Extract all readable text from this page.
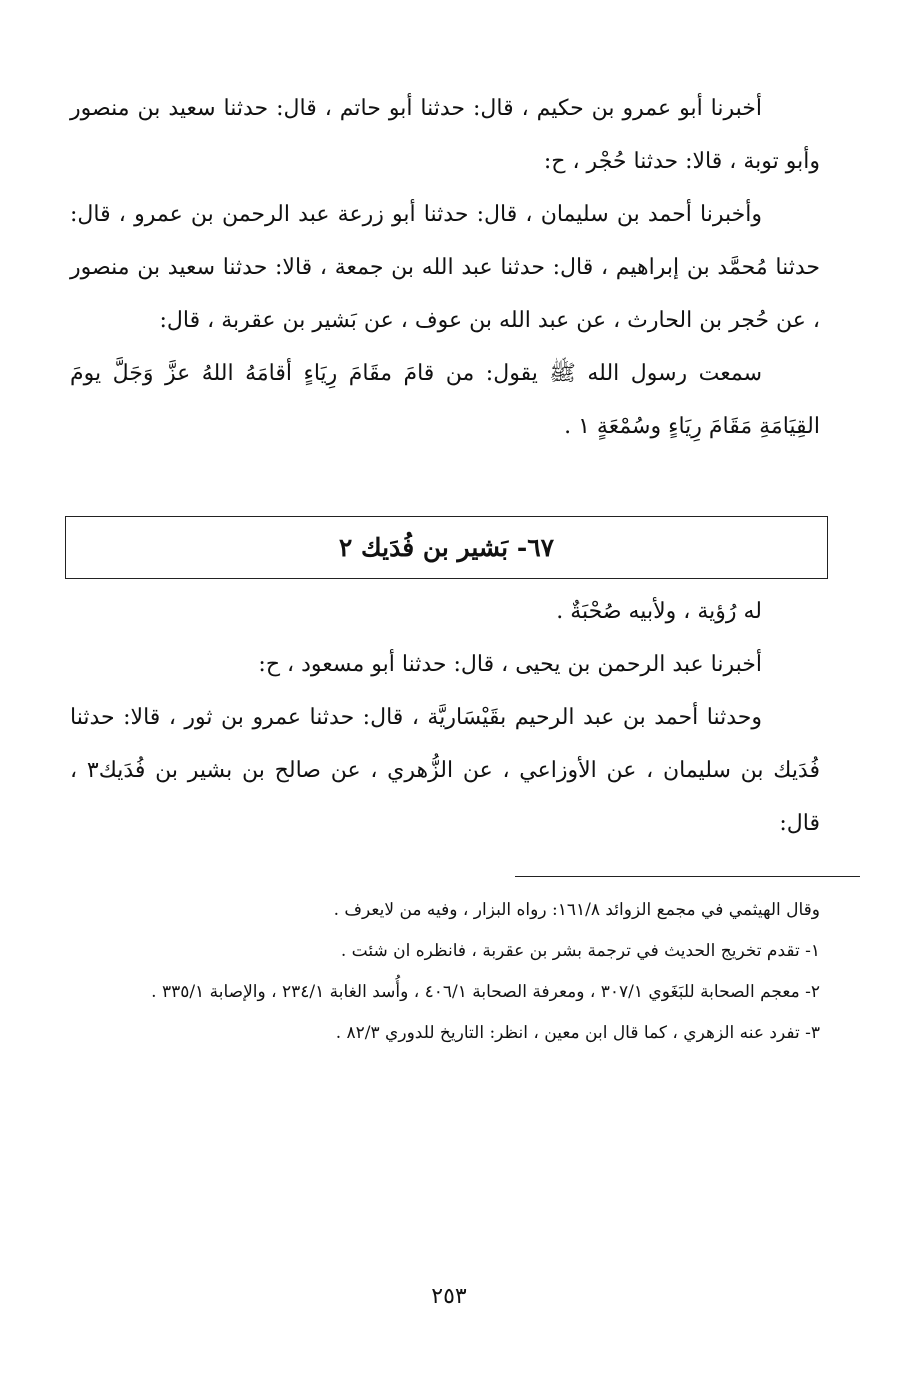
أخبرنا أبو عمرو بن حكيم ، قال: حدثنا أبو حاتم ، قال: حدثنا سعيد بن منصور وأبو توبة ، قالا: حدثنا حُجْر ، ح:

وأخبرنا أحمد بن سليمان ، قال: حدثنا أبو زرعة عبد الرحمن بن عمرو ، قال: حدثنا مُحمَّد بن إبراهيم ، قال: حدثنا عبد الله بن جمعة ، قالا: حدثنا سعيد بن منصور ، عن حُجر بن الحارث ، عن عبد الله بن عوف ، عن بَشير بن عقربة ، قال:

سمعت رسول الله ﷺ يقول: من قامَ مقَامَ رِيَاءٍ أقامَهُ اللهُ عزَّ وَجَلَّ يومَ القِيَامَةِ مَقَامَ رِيَاءٍ وسُمْعَةٍ ١ .

٦٧- بَشير بن فُدَيك ٢

له رُؤية ، ولأبيه صُحْبَةٌ .

أخبرنا عبد الرحمن بن يحيى ، قال: حدثنا أبو مسعود ، ح:

وحدثنا أحمد بن عبد الرحيم بقَيْسَاريَّة ، قال: حدثنا عمرو بن ثور ، قالا: حدثنا فُدَيك بن سليمان ، عن الأوزاعي ، عن الزُّهري ، عن صالح بن بشير بن فُدَيك٣ ، قال:

وقال الهيثمي في مجمع الزوائد ١٦١/٨: رواه البزار ، وفيه من لايعرف .

١- تقدم تخريج الحديث في ترجمة بشر بن عقربة ، فانظره ان شئت .

٢- معجم الصحابة للبَغَوي ٣٠٧/١ ، ومعرفة الصحابة ٤٠٦/١ ، وأُسد الغابة ٢٣٤/١ ، والإصابة ٣٣٥/١ .

٣- تفرد عنه الزهري ، كما قال ابن معين ، انظر: التاريخ للدوري ٨٢/٣ .

٢٥٣
